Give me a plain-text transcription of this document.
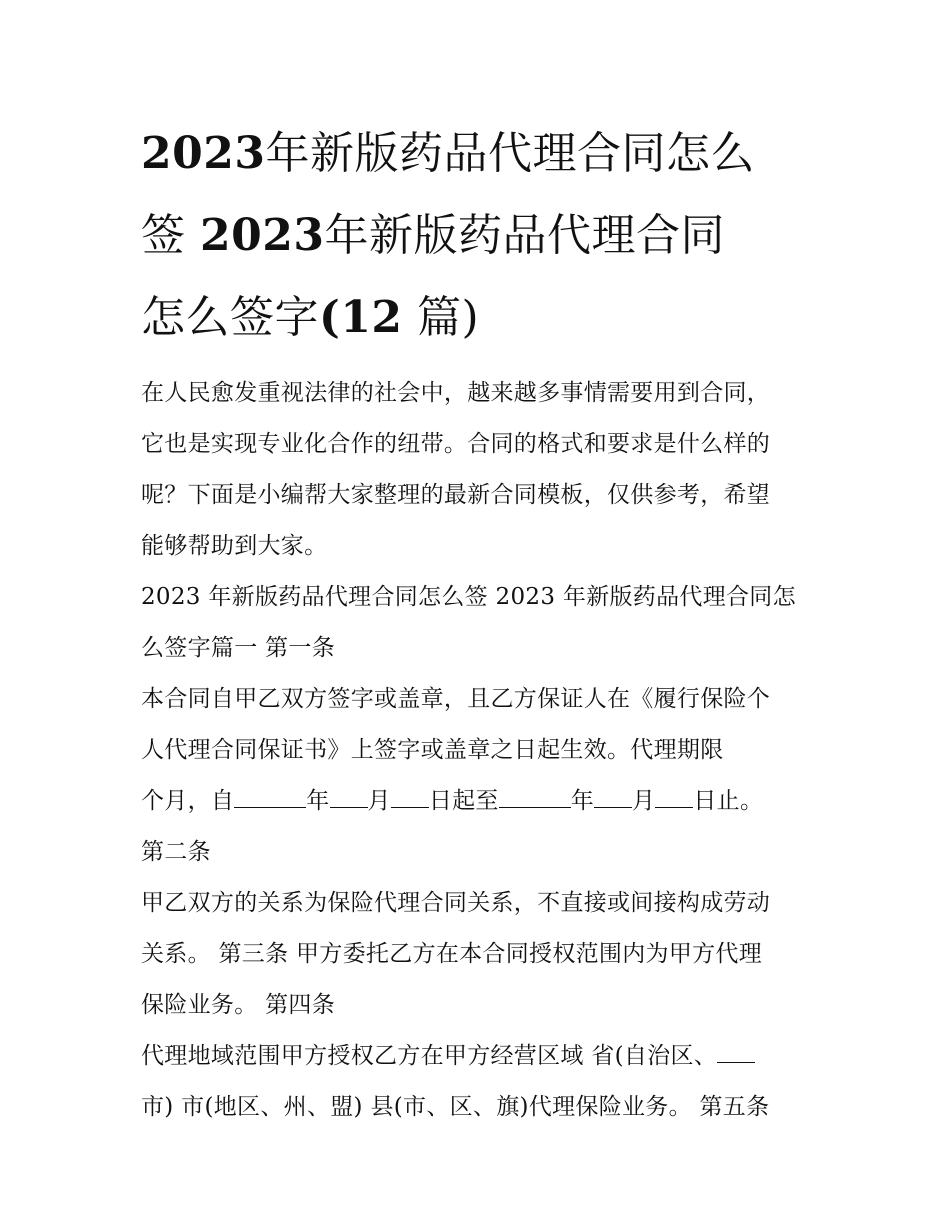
2023年新版药品代理合同怎么
签 2023年新版药品代理合同
怎么签字(12 篇)
在人民愈发重视法律的社会中，越来越多事情需要用到合同，
它也是实现专业化合作的纽带。合同的格式和要求是什么样的
呢？下面是小编帮大家整理的最新合同模板，仅供参考，希望
能够帮助到大家。
2023 年新版药品代理合同怎么签 2023 年新版药品代理合同怎
么签字篇一 第一条
本合同自甲乙双方签字或盖章，且乙方保证人在《履行保险个
人代理合同保证书》上签字或盖章之日起生效。代理期限
个月，自	年 月 日起至	年 月 日止。
第二条
甲乙双方的关系为保险代理合同关系，不直接或间接构成劳动
关系。 第三条 甲方委托乙方在本合同授权范围内为甲方代理
保险业务。 第四条
代理地域范围甲方授权乙方在甲方经营区域 省(自治区、
市) 市(地区、州、盟) 县(市、区、旗)代理保险业务。 第五条
